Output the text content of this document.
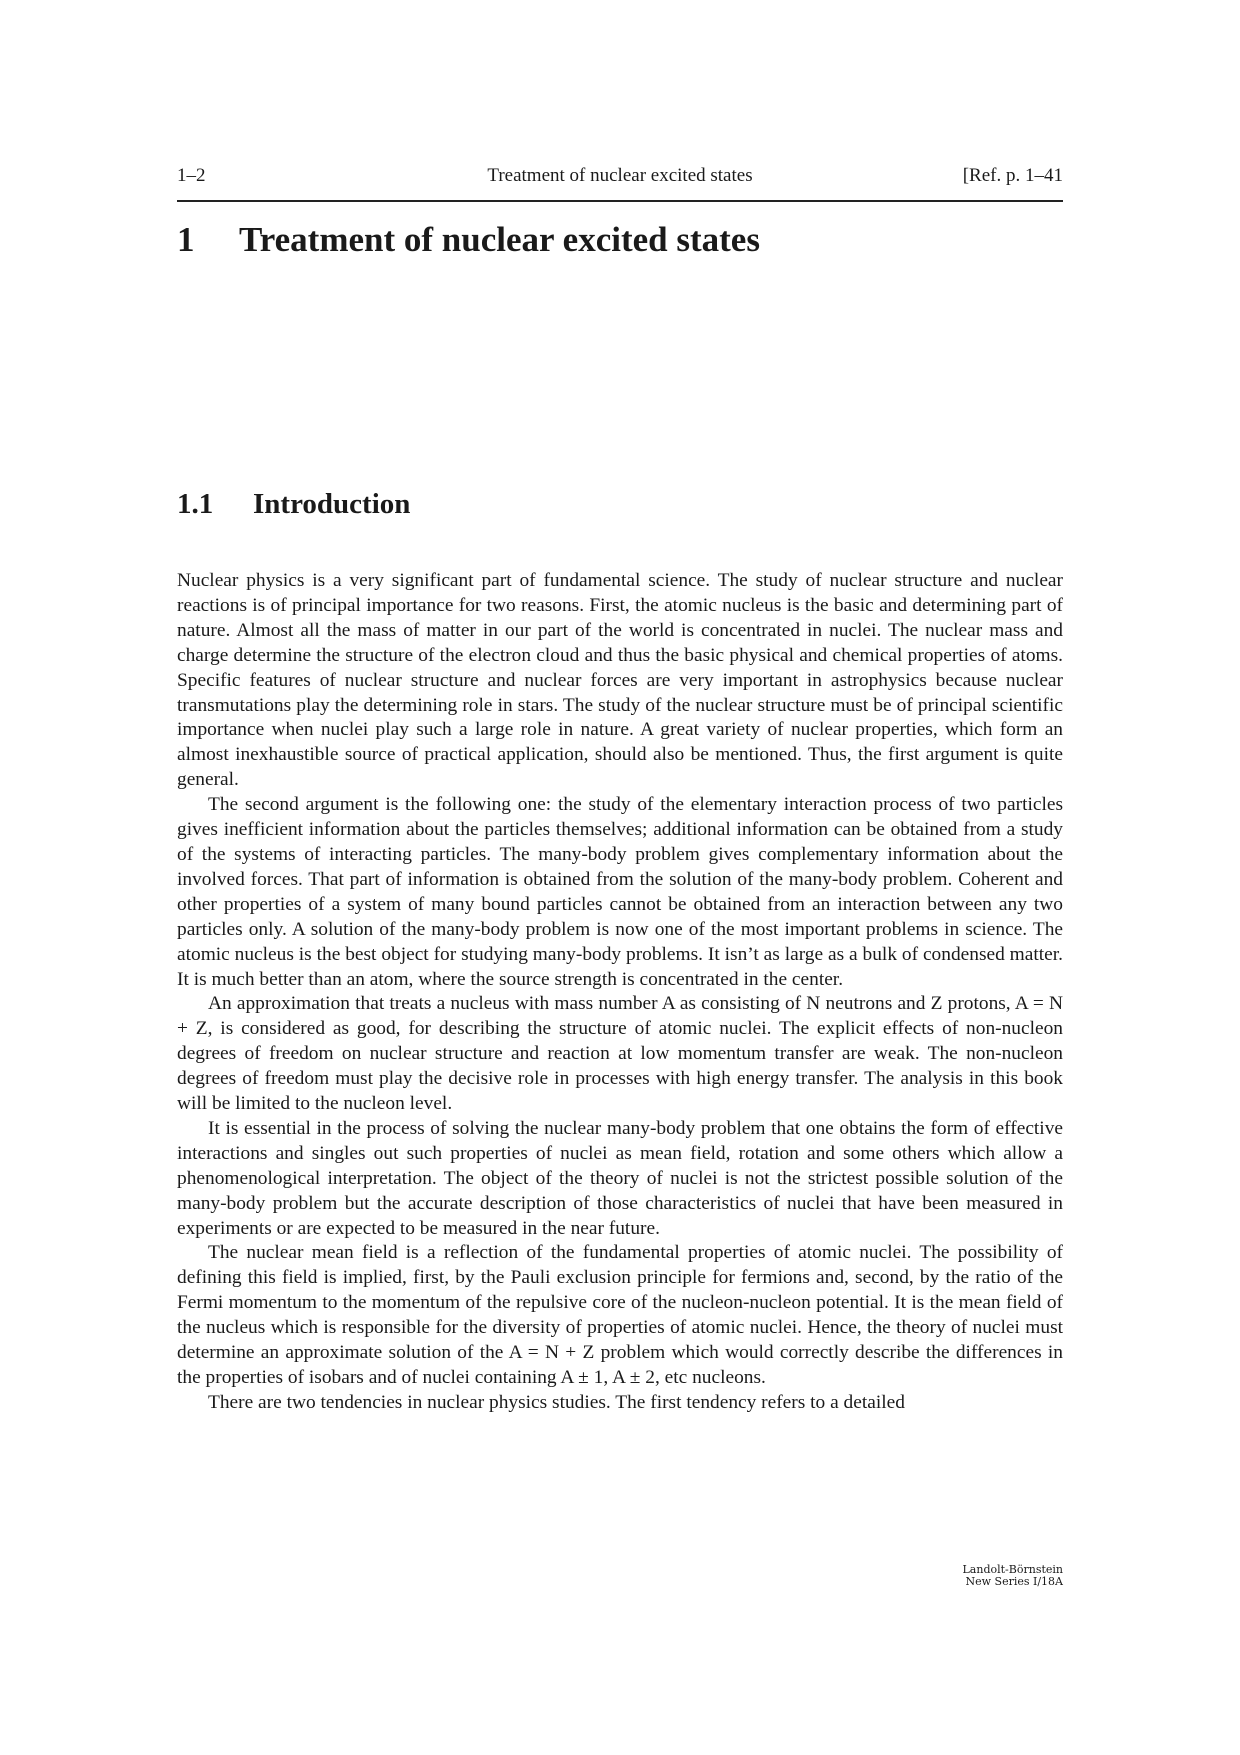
1–2	Treatment of nuclear excited states	[Ref. p. 1–41
1 Treatment of nuclear excited states
1.1 Introduction

Nuclear physics is a very significant part of fundamental science. The study of nuclear structure and nuclear reactions is of principal importance for two reasons. First, the atomic nucleus is the basic and determining part of nature. Almost all the mass of matter in our part of the world is concentrated in nuclei. The nuclear mass and charge determine the structure of the electron cloud and thus the basic physical and chemical properties of atoms. Specific features of nuclear structure and nuclear forces are very important in astrophysics because nuclear transmutations play the determining role in stars. The study of the nuclear structure must be of principal scientific importance when nuclei play such a large role in nature. A great variety of nuclear properties, which form an almost inexhaustible source of practical application, should also be mentioned. Thus, the first argument is quite general.

The second argument is the following one: the study of the elementary interaction process of two particles gives inefficient information about the particles themselves; additional information can be obtained from a study of the systems of interacting particles. The many-body problem gives complementary information about the involved forces. That part of information is obtained from the solution of the many-body problem. Coherent and other properties of a system of many bound particles cannot be obtained from an interaction between any two particles only. A solution of the many-body problem is now one of the most important problems in science. The atomic nucleus is the best object for studying many-body problems. It isn’t as large as a bulk of condensed matter. It is much better than an atom, where the source strength is concentrated in the center.

An approximation that treats a nucleus with mass number A as consisting of N neutrons and Z protons, A = N + Z, is considered as good, for describing the structure of atomic nuclei. The explicit effects of non-nucleon degrees of freedom on nuclear structure and reaction at low momentum transfer are weak. The non-nucleon degrees of freedom must play the decisive role in processes with high energy transfer. The analysis in this book will be limited to the nucleon level.

It is essential in the process of solving the nuclear many-body problem that one obtains the form of effective interactions and singles out such properties of nuclei as mean field, rotation and some others which allow a phenomenological interpretation. The object of the theory of nuclei is not the strictest possible solution of the many-body problem but the accurate description of those characteristics of nuclei that have been measured in experiments or are expected to be measured in the near future.

The nuclear mean field is a reflection of the fundamental properties of atomic nuclei. The possibility of defining this field is implied, first, by the Pauli exclusion principle for fermions and, second, by the ratio of the Fermi momentum to the momentum of the repulsive core of the nucleon-nucleon potential. It is the mean field of the nucleus which is responsible for the diversity of properties of atomic nuclei. Hence, the theory of nuclei must determine an approximate solution of the A = N + Z problem which would correctly describe the differences in the properties of isobars and of nuclei containing A ± 1, A ± 2, etc nucleons.

There are two tendencies in nuclear physics studies. The first tendency refers to a detailed

Landolt-Börnstein
New Series I/18A
